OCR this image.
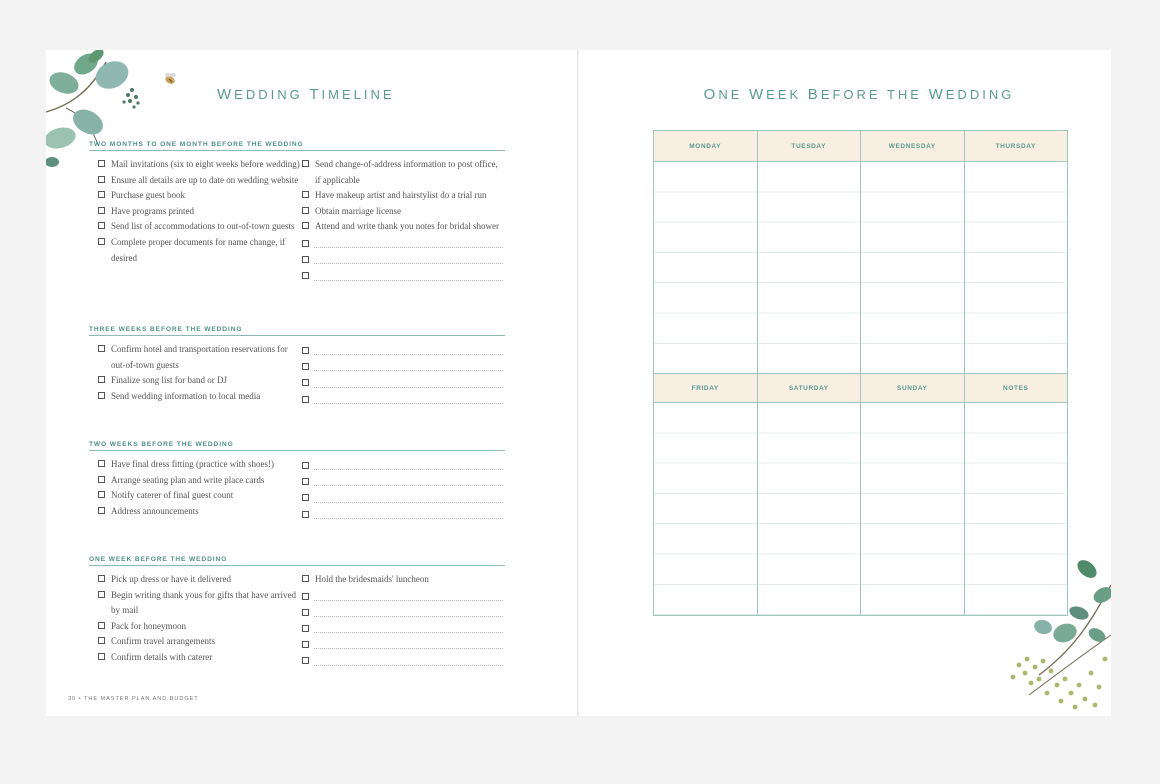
WEDDING TIMELINE
TWO MONTHS TO ONE MONTH BEFORE THE WEDDING
Mail invitations (six to eight weeks before wedding)
Ensure all details are up to date on wedding website
Purchase guest book
Have programs printed
Send list of accommodations to out-of-town guests
Complete proper documents for name change, if desired
Send change-of-address information to post office, if applicable
Have makeup artist and hairstylist do a trial run
Obtain marriage license
Attend and write thank you notes for bridal shower
THREE WEEKS BEFORE THE WEDDING
Confirm hotel and transportation reservations for out-of-town guests
Finalize song list for band or DJ
Send wedding information to local media
TWO WEEKS BEFORE THE WEDDING
Have final dress fitting (practice with shoes!)
Arrange seating plan and write place cards
Notify caterer of final guest count
Address announcements
ONE WEEK BEFORE THE WEDDING
Pick up dress or have it delivered
Begin writing thank yous for gifts that have arrived by mail
Pack for honeymoon
Confirm travel arrangements
Confirm details with caterer
Hold the bridesmaids' luncheon
30 • THE MASTER PLAN AND BUDGET
ONE WEEK BEFORE THE WEDDING
MONDAY	TUESDAY	WEDNESDAY	THURSDAY
FRIDAY	SATURDAY	SUNDAY	NOTES
